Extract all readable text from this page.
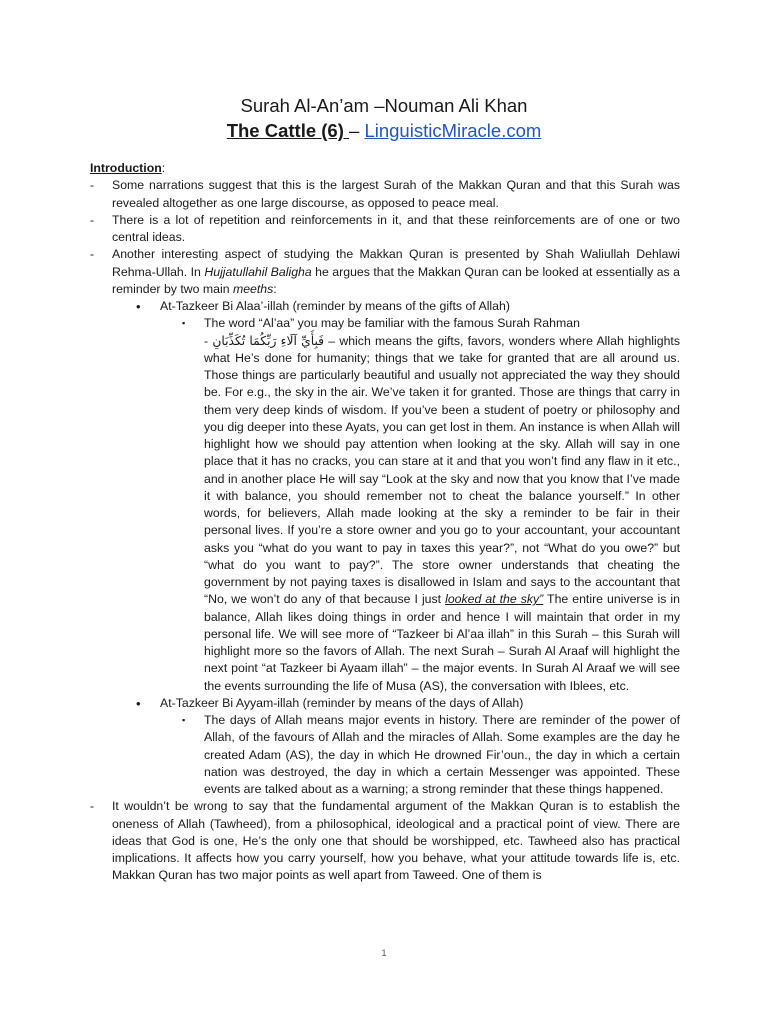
Surah Al-An’am –Nouman Ali Khan
The Cattle (6) – LinguisticMiracle.com
Introduction:
- Some narrations suggest that this is the largest Surah of the Makkan Quran and that this Surah was revealed altogether as one large discourse, as opposed to peace meal.
- There is a lot of repetition and reinforcements in it, and that these reinforcements are of one or two central ideas.
- Another interesting aspect of studying the Makkan Quran is presented by Shah Waliullah Dehlawi Rehma-Ullah. In Hujjatullahil Baligha he argues that the Makkan Quran can be looked at essentially as a reminder by two main meeths:
• At-Tazkeer Bi Alaa’-illah (reminder by means of the gifts of Allah)
▪ The word “Al’aa” you may be familiar with the famous Surah Rahman
- فَبِأَيِّ آلَاءِ رَبِّكُمَا تُكَذِّبَانِ – which means the gifts, favors, wonders where Allah highlights what He’s done for humanity; things that we take for granted that are all around us. Those things are particularly beautiful and usually not appreciated the way they should be. For e.g., the sky in the air. We’ve taken it for granted. Those are things that carry in them very deep kinds of wisdom. If you’ve been a student of poetry or philosophy and you dig deeper into these Ayats, you can get lost in them. An instance is when Allah will highlight how we should pay attention when looking at the sky. Allah will say in one place that it has no cracks, you can stare at it and that you won’t find any flaw in it etc., and in another place He will say “Look at the sky and now that you know that I’ve made it with balance, you should remember not to cheat the balance yourself.” In other words, for believers, Allah made looking at the sky a reminder to be fair in their personal lives. If you’re a store owner and you go to your accountant, your accountant asks you “what do you want to pay in taxes this year?”, not “What do you owe?” but “what do you want to pay?”. The store owner understands that cheating the government by not paying taxes is disallowed in Islam and says to the accountant that “No, we won’t do any of that because I just looked at the sky” The entire universe is in balance, Allah likes doing things in order and hence I will maintain that order in my personal life. We will see more of “Tazkeer bi Al’aa illah” in this Surah – this Surah will highlight more so the favors of Allah. The next Surah – Surah Al Araaf will highlight the next point “at Tazkeer bi Ayaam illah” – the major events. In Surah Al Araaf we will see the events surrounding the life of Musa (AS), the conversation with Iblees, etc.
• At-Tazkeer Bi Ayyam-illah (reminder by means of the days of Allah)
▪ The days of Allah means major events in history. There are reminder of the power of Allah, of the favours of Allah and the miracles of Allah. Some examples are the day he created Adam (AS), the day in which He drowned Fir’oun., the day in which a certain nation was destroyed, the day in which a certain Messenger was appointed. These events are talked about as a warning; a strong reminder that these things happened.
- It wouldn’t be wrong to say that the fundamental argument of the Makkan Quran is to establish the oneness of Allah (Tawheed), from a philosophical, ideological and a practical point of view. There are ideas that God is one, He’s the only one that should be worshipped, etc. Tawheed also has practical implications. It affects how you carry yourself, how you behave, what your attitude towards life is, etc. Makkan Quran has two major points as well apart from Taweed. One of them is
1
